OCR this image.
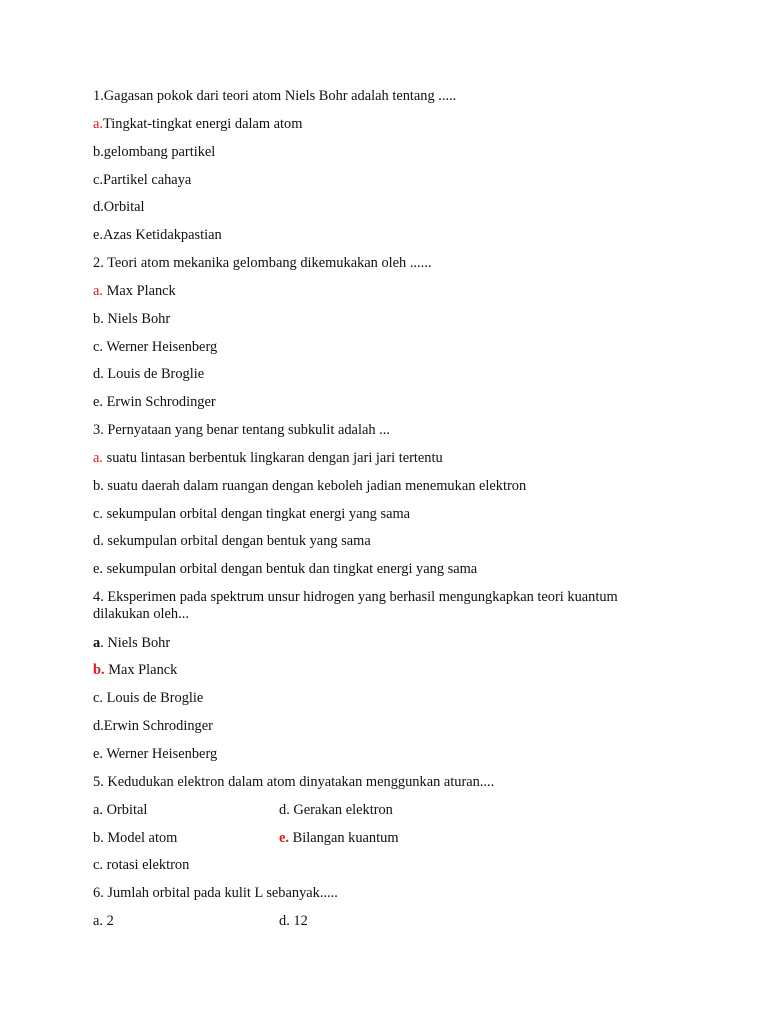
1.Gagasan pokok dari teori atom Niels Bohr adalah tentang .....
a.Tingkat-tingkat energi dalam atom
b.gelombang partikel
c.Partikel cahaya
d.Orbital
e.Azas Ketidakpastian
2. Teori atom mekanika gelombang dikemukakan oleh ......
a. Max Planck
b. Niels Bohr
c. Werner Heisenberg
d. Louis de Broglie
e. Erwin Schrodinger
3. Pernyataan yang benar tentang subkulit adalah ...
a. suatu lintasan berbentuk lingkaran dengan jari jari tertentu
b. suatu daerah dalam ruangan dengan keboleh jadian menemukan elektron
c. sekumpulan orbital dengan tingkat energi yang sama
d. sekumpulan orbital dengan bentuk yang sama
e. sekumpulan orbital dengan bentuk dan tingkat energi yang sama
4. Eksperimen pada spektrum unsur hidrogen yang berhasil mengungkapkan teori kuantum dilakukan oleh...
a. Niels Bohr
b. Max Planck
c. Louis de Broglie
d.Erwin Schrodinger
e. Werner Heisenberg
5. Kedudukan elektron dalam atom dinyatakan menggunkan aturan....
a. Orbital	d. Gerakan elektron
b. Model atom	e. Bilangan kuantum
c. rotasi elektron
6. Jumlah orbital pada kulit L sebanyak.....
a. 2	d. 12
